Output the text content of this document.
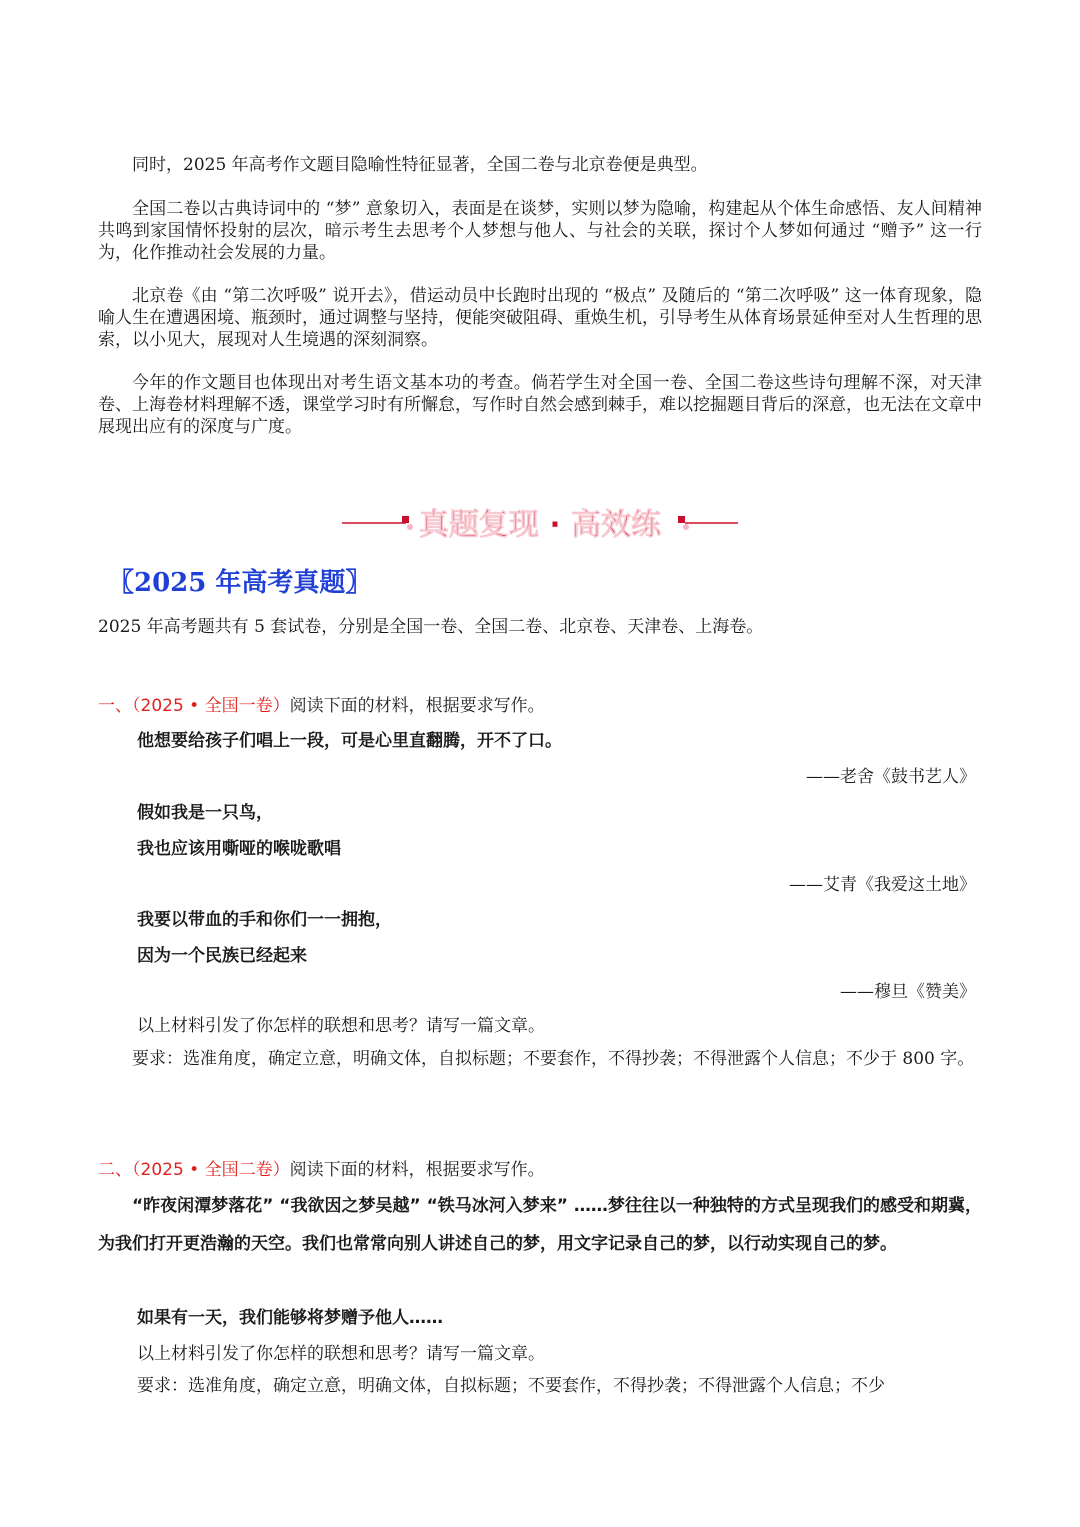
同时，2025 年高考作文题目隐喻性特征显著，全国二卷与北京卷便是典型。

全国二卷以古典诗词中的 “梦” 意象切入，表面是在谈梦，实则以梦为隐喻，构建起从个体生命感悟、友人间精神共鸣到家国情怀投射的层次，暗示考生去思考个人梦想与他人、与社会的关联，探讨个人梦如何通过 “赠予” 这一行为，化作推动社会发展的力量。

北京卷《由 “第二次呼吸” 说开去》，借运动员中长跑时出现的 “极点” 及随后的 “第二次呼吸” 这一体育现象，隐喻人生在遭遇困境、瓶颈时，通过调整与坚持，便能突破阻碍、重焕生机，引导考生从体育场景延伸至对人生哲理的思索，以小见大，展现对人生境遇的深刻洞察。

今年的作文题目也体现出对考生语文基本功的考查。倘若学生对全国一卷、全国二卷这些诗句理解不深，对天津卷、上海卷材料理解不透，课堂学习时有所懈怠，写作时自然会感到棘手，难以挖掘题目背后的深意，也无法在文章中展现出应有的深度与广度。

真题复现 · 高效练
〖2025 年高考真题〗
2025 年高考题共有 5 套试卷，分别是全国一卷、全国二卷、北京卷、天津卷、上海卷。
一、（2025 • 全国一卷）阅读下面的材料，根据要求写作。
他想要给孩子们唱上一段，可是心里直翻腾，开不了口。
——老舍《鼓书艺人》
假如我是一只鸟，
我也应该用嘶哑的喉咙歌唱
——艾青《我爱这土地》
我要以带血的手和你们一一拥抱，
因为一个民族已经起来
——穆旦《赞美》
以上材料引发了你怎样的联想和思考？请写一篇文章。

要求：选准角度，确定立意，明确文体，自拟标题；不要套作，不得抄袭；不得泄露个人信息；不少于 800 字。

二、（2025 • 全国二卷）阅读下面的材料，根据要求写作。

“昨夜闲潭梦落花” “我欲因之梦吴越” “铁马冰河入梦来” ……梦往往以一种独特的方式呈现我们的感受和期冀，为我们打开更浩瀚的天空。我们也常常向别人讲述自己的梦，用文字记录自己的梦，以行动实现自己的梦。

如果有一天，我们能够将梦赠予他人……
以上材料引发了你怎样的联想和思考？请写一篇文章。
要求：选准角度，确定立意，明确文体，自拟标题；不要套作，不得抄袭；不得泄露个人信息；不少
